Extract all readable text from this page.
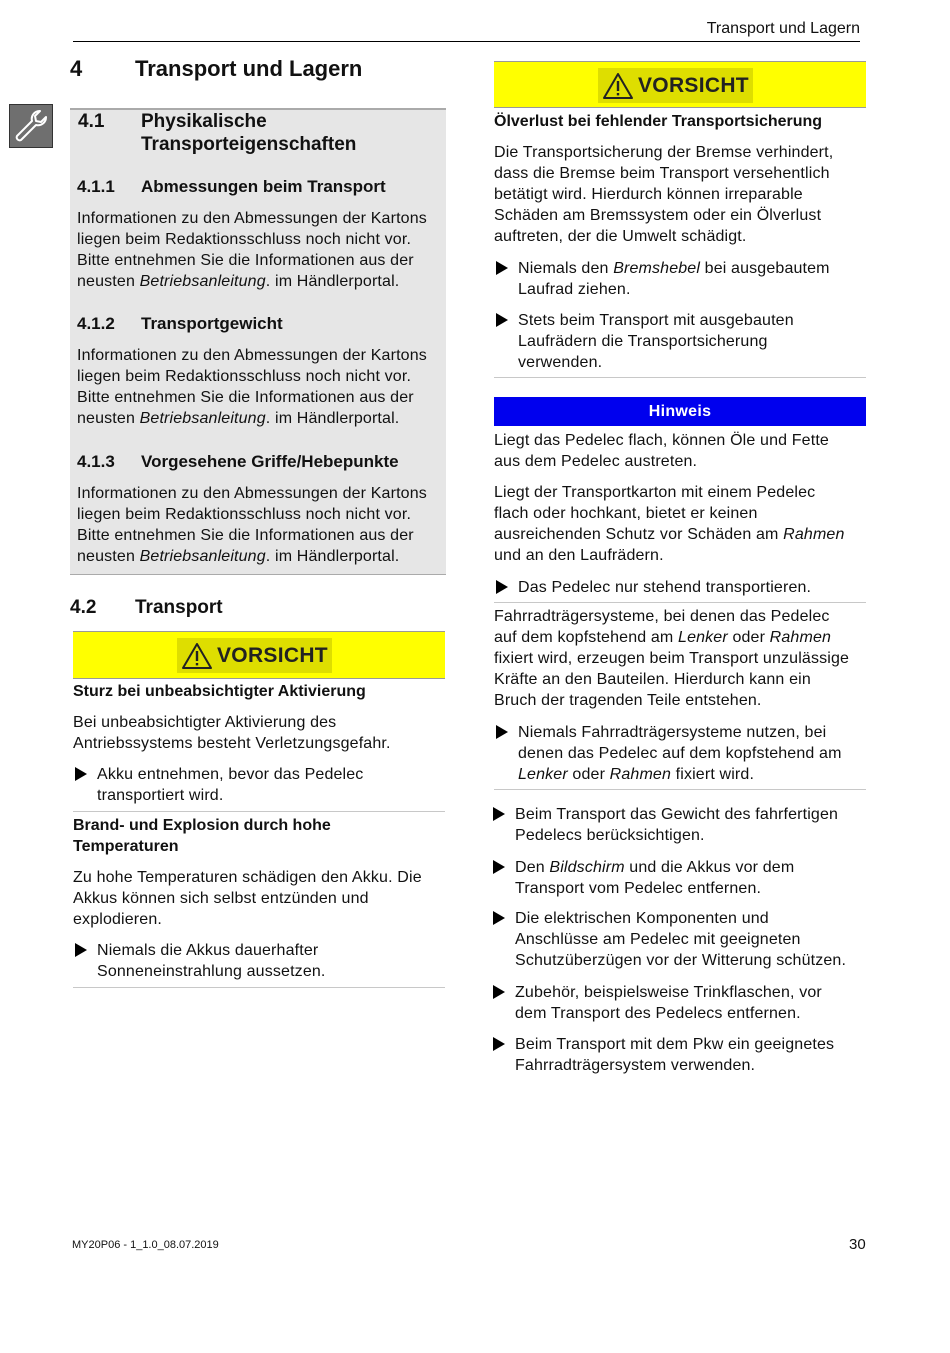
Transport und Lagern
4 Transport und Lagern
4.1 Physikalische
Transporteigenschaften
4.1.1 Abmessungen beim Transport
Informationen zu den Abmessungen der Kartons
liegen beim Redaktionsschluss noch nicht vor.
Bitte entnehmen Sie die Informationen aus der
neusten Betriebsanleitung. im Händlerportal.
4.1.2 Transportgewicht
Informationen zu den Abmessungen der Kartons
liegen beim Redaktionsschluss noch nicht vor.
Bitte entnehmen Sie die Informationen aus der
neusten Betriebsanleitung. im Händlerportal.
4.1.3 Vorgesehene Griffe/Hebepunkte
Informationen zu den Abmessungen der Kartons
liegen beim Redaktionsschluss noch nicht vor.
Bitte entnehmen Sie die Informationen aus der
neusten Betriebsanleitung. im Händlerportal.
4.2 Transport
VORSICHT
Sturz bei unbeabsichtigter Aktivierung
Bei unbeabsichtigter Aktivierung des
Antriebssystems besteht Verletzungsgefahr.
Akku entnehmen, bevor das Pedelec
transportiert wird.
Brand- und Explosion durch hohe
Temperaturen
Zu hohe Temperaturen schädigen den Akku. Die
Akkus können sich selbst entzünden und
explodieren.
Niemals die Akkus dauerhafter
Sonneneinstrahlung aussetzen.
VORSICHT
Ölverlust bei fehlender Transportsicherung
Die Transportsicherung der Bremse verhindert,
dass die Bremse beim Transport versehentlich
betätigt wird. Hierdurch können irreparable
Schäden am Bremssystem oder ein Ölverlust
auftreten, der die Umwelt schädigt.
Niemals den Bremshebel bei ausgebautem
Laufrad ziehen.
Stets beim Transport mit ausgebauten
Laufrädern die Transportsicherung
verwenden.
Hinweis
Liegt das Pedelec flach, können Öle und Fette
aus dem Pedelec austreten.
Liegt der Transportkarton mit einem Pedelec
flach oder hochkant, bietet er keinen
ausreichenden Schutz vor Schäden am Rahmen
und an den Laufrädern.
Das Pedelec nur stehend transportieren.
Fahrradträgersysteme, bei denen das Pedelec
auf dem kopfstehend am Lenker oder Rahmen
fixiert wird, erzeugen beim Transport unzulässige
Kräfte an den Bauteilen. Hierdurch kann ein
Bruch der tragenden Teile entstehen.
Niemals Fahrradträgersysteme nutzen, bei
denen das Pedelec auf dem kopfstehend am
Lenker oder Rahmen fixiert wird.
Beim Transport das Gewicht des fahrfertigen
Pedelecs berücksichtigen.
Den Bildschirm und die Akkus vor dem
Transport vom Pedelec entfernen.
Die elektrischen Komponenten und
Anschlüsse am Pedelec mit geeigneten
Schutzüberzügen vor der Witterung schützen.
Zubehör, beispielsweise Trinkflaschen, vor
dem Transport des Pedelecs entfernen.
Beim Transport mit dem Pkw ein geeignetes
Fahrradträgersystem verwenden.
MY20P06 - 1_1.0_08.07.2019	30
